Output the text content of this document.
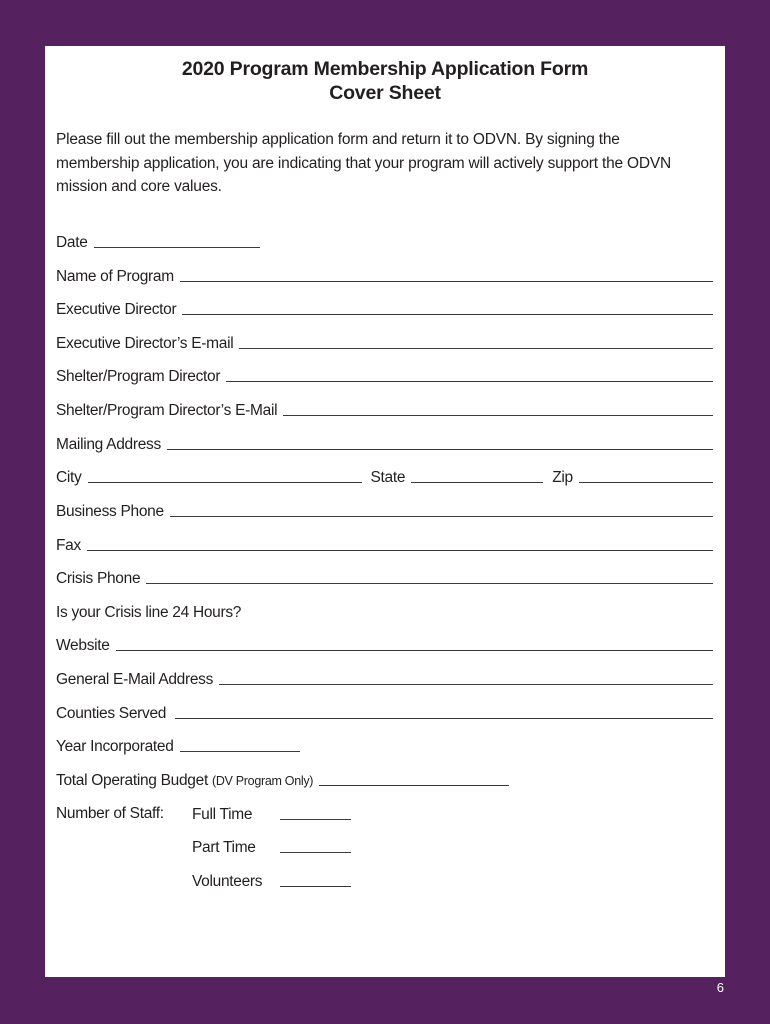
2020 Program Membership Application Form
Cover Sheet
Please fill out the membership application form and return it to ODVN. By signing the membership application, you are indicating that your program will actively support the ODVN mission and core values.
Date
Name of Program
Executive Director
Executive Director’s E-mail
Shelter/Program Director
Shelter/Program Director’s E-Mail
Mailing Address
City	State	Zip
Business Phone
Fax
Crisis Phone
Is your Crisis line 24 Hours?
Website
General E-Mail Address
Counties Served
Year Incorporated
Total Operating Budget (DV Program Only)
Number of Staff: Full Time
Part Time
Volunteers
6
